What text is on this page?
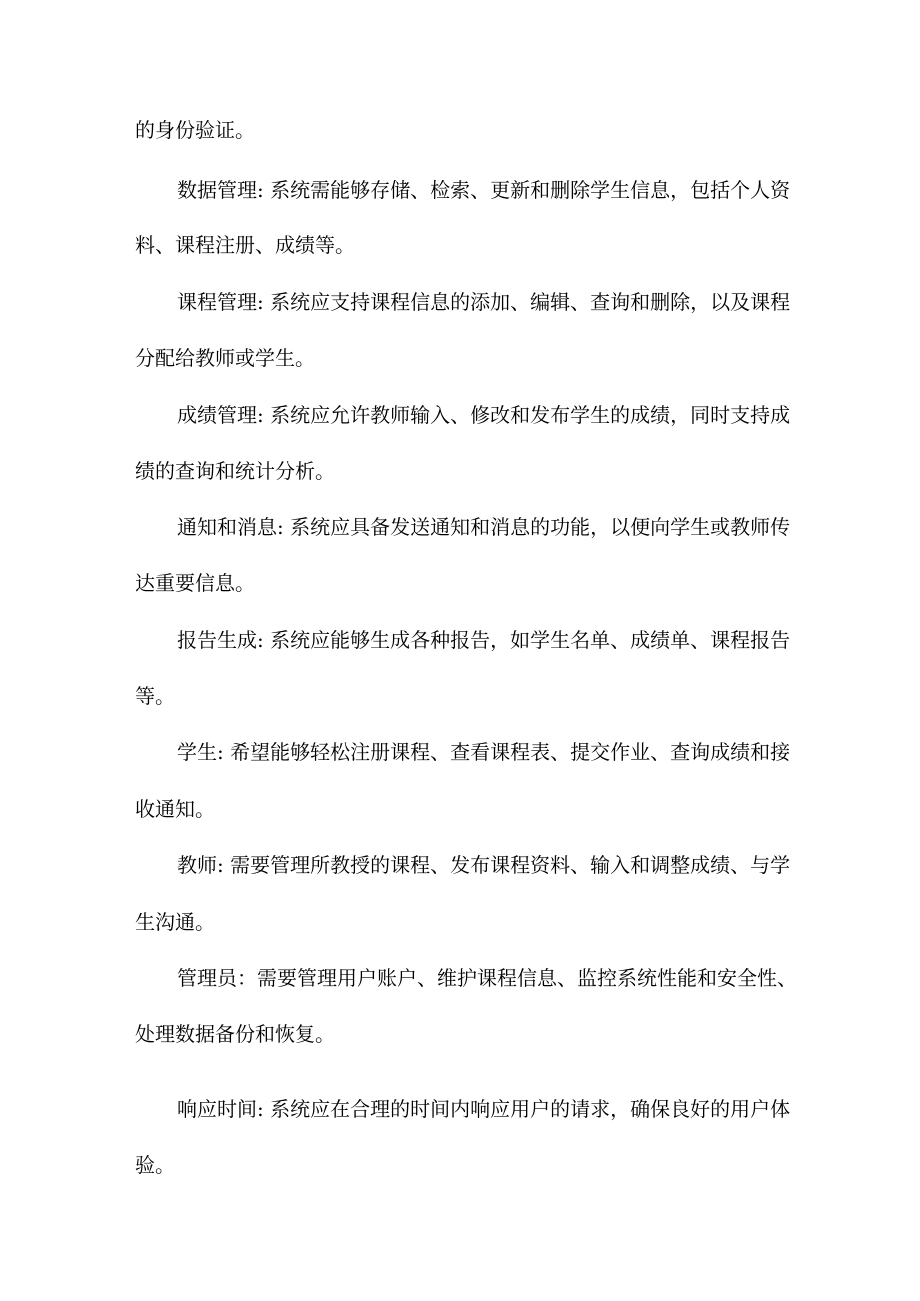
的身份验证。
数据管理: 系统需能够存储、检索、更新和删除学生信息，包括个人资
料、课程注册、成绩等。
课程管理: 系统应支持课程信息的添加、编辑、查询和删除，以及课程
分配给教师或学生。
成绩管理: 系统应允许教师输入、修改和发布学生的成绩，同时支持成
绩的查询和统计分析。
通知和消息: 系统应具备发送通知和消息的功能，以便向学生或教师传
达重要信息。
报告生成: 系统应能够生成各种报告，如学生名单、成绩单、课程报告
等。
学生: 希望能够轻松注册课程、查看课程表、提交作业、查询成绩和接
收通知。
教师: 需要管理所教授的课程、发布课程资料、输入和调整成绩、与学
生沟通。
管理员：需要管理用户账户、维护课程信息、监控系统性能和安全性、
处理数据备份和恢复。
响应时间: 系统应在合理的时间内响应用户的请求，确保良好的用户体
验。
